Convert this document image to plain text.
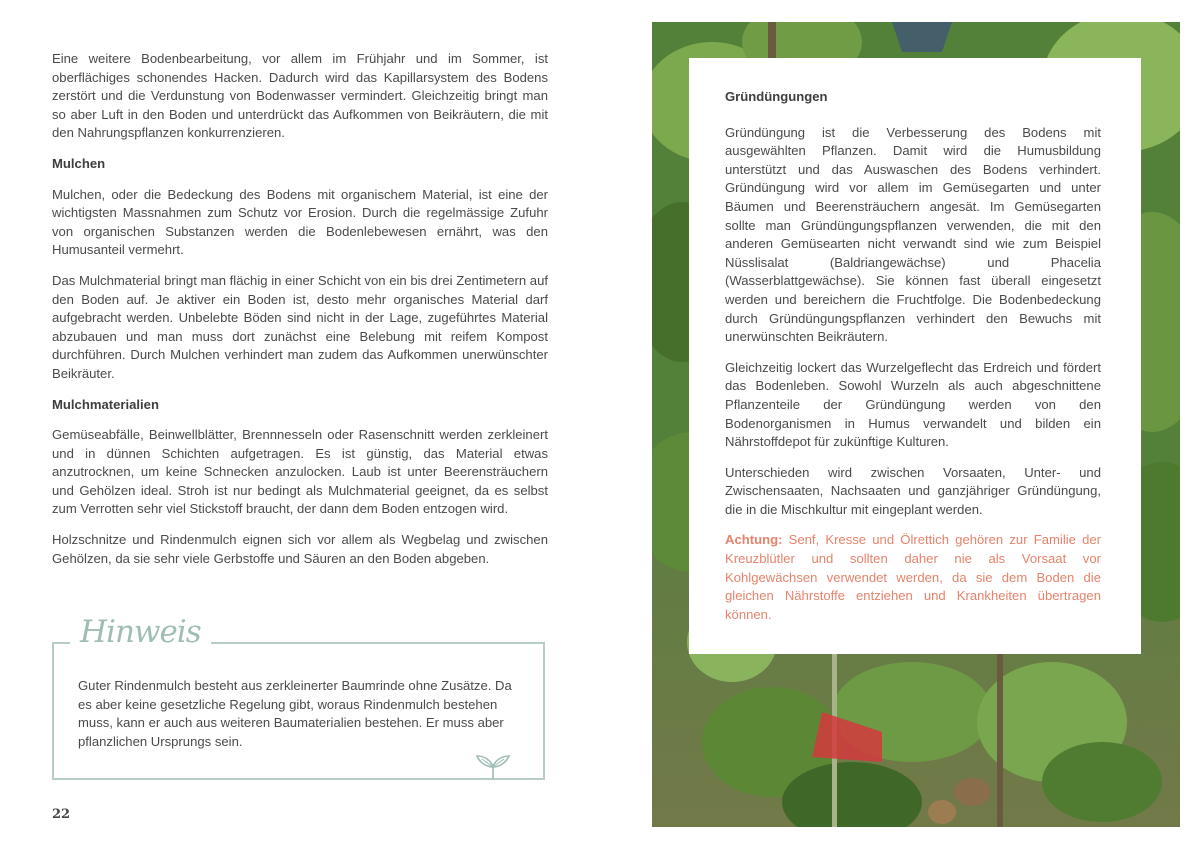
Eine weitere Bodenbearbeitung, vor allem im Frühjahr und im Sommer, ist oberflächiges schonendes Hacken. Dadurch wird das Kapillarsystem des Bodens zerstört und die Verdunstung von Bodenwasser vermindert. Gleichzeitig bringt man so aber Luft in den Boden und unterdrückt das Aufkommen von Beikräutern, die mit den Nahrungspflanzen konkurrenzieren.

Mulchen

Mulchen, oder die Bedeckung des Bodens mit organischem Material, ist eine der wichtigsten Massnahmen zum Schutz vor Erosion. Durch die regelmässige Zufuhr von organischen Substanzen werden die Bodenlebewesen ernährt, was den Humusanteil vermehrt.

Das Mulchmaterial bringt man flächig in einer Schicht von ein bis drei Zentimetern auf den Boden auf. Je aktiver ein Boden ist, desto mehr organisches Material darf aufgebracht werden. Unbelebte Böden sind nicht in der Lage, zugeführtes Material abzubauen und man muss dort zunächst eine Belebung mit reifem Kompost durchführen. Durch Mulchen verhindert man zudem das Aufkommen unerwünschter Beikräuter.

Mulchmaterialien

Gemüseabfälle, Beinwellblätter, Brennnesseln oder Rasenschnitt werden zerkleinert und in dünnen Schichten aufgetragen. Es ist günstig, das Material etwas anzutrocknen, um keine Schnecken anzulocken. Laub ist unter Beerensträuchern und Gehölzen ideal. Stroh ist nur bedingt als Mulchmaterial geeignet, da es selbst zum Verrotten sehr viel Stickstoff braucht, der dann dem Boden entzogen wird.

Holzschnitze und Rindenmulch eignen sich vor allem als Wegbelag und zwischen Gehölzen, da sie sehr viele Gerbstoffe und Säuren an den Boden abgeben.

Hinweis

Guter Rindenmulch besteht aus zerkleinerter Baumrinde ohne Zusätze. Da es aber keine gesetzliche Regelung gibt, woraus Rindenmulch bestehen muss, kann er auch aus weiteren Baumaterialien bestehen. Er muss aber pflanzlichen Ursprungs sein.

22

Gründüngungen

Gründüngung ist die Verbesserung des Bodens mit ausgewählten Pflanzen. Damit wird die Humusbildung unterstützt und das Auswaschen des Bodens verhindert. Gründüngung wird vor allem im Gemüsegarten und unter Bäumen und Beerensträuchern angesät. Im Gemüsegarten sollte man Gründüngungspflanzen verwenden, die mit den anderen Gemüsearten nicht verwandt sind wie zum Beispiel Nüsslisalat (Baldriangewächse) und Phacelia (Wasserblattgewächse). Sie können fast überall eingesetzt werden und bereichern die Fruchtfolge. Die Bodenbedeckung durch Gründüngungspflanzen verhindert den Bewuchs mit unerwünschten Beikräutern.

Gleichzeitig lockert das Wurzelgeflecht das Erdreich und fördert das Bodenleben. Sowohl Wurzeln als auch abgeschnittene Pflanzenteile der Gründüngung werden von den Bodenorganismen in Humus verwandelt und bilden ein Nährstoffdepot für zukünftige Kulturen.

Unterschieden wird zwischen Vorsaaten, Unter- und Zwischensaaten, Nachsaaten und ganzjähriger Gründüngung, die in die Mischkultur mit eingeplant werden.

Achtung: Senf, Kresse und Ölrettich gehören zur Familie der Kreuzblütler und sollten daher nie als Vorsaat vor Kohlgewächsen verwendet werden, da sie dem Boden die gleichen Nährstoffe entziehen und Krankheiten übertragen können.
